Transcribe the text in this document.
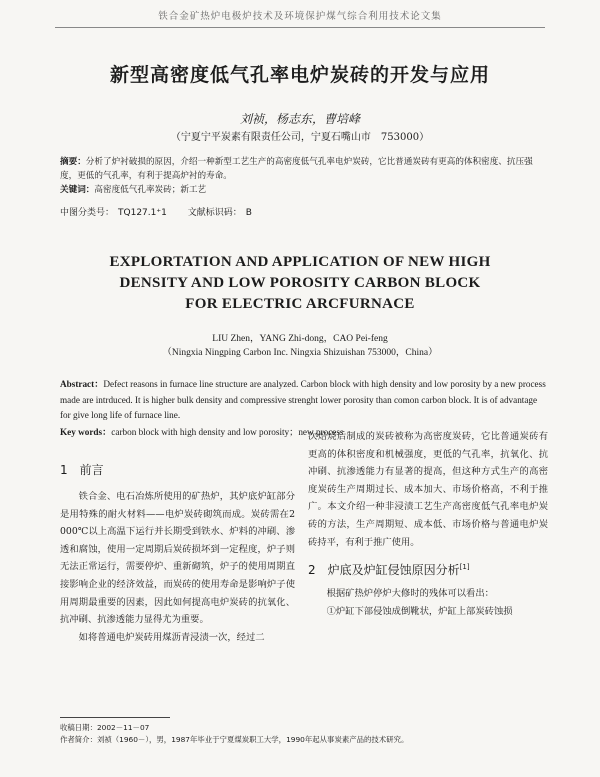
铁合金矿热炉电极炉技术及环境保护煤气综合利用技术论文集
新型高密度低气孔率电炉炭砖的开发与应用
刘祯，杨志东，曹培峰
（宁夏宁平炭素有限责任公司，宁夏石嘴山市　753000）
摘要：分析了炉衬破损的原因，介绍一种新型工艺生产的高密度低气孔率电炉炭砖，它比普通炭砖有更高的体积密度、抗压强度，更低的气孔率，有利于提高炉衬的寿命。
关键词：高密度低气孔率炭砖；新工艺
中图分类号： TQ127.1⁺1 文献标识码： B
EXPLORTATION AND APPLICATION OF NEW HIGH
DENSITY AND LOW POROSITY CARBON BLOCK
FOR ELECTRIC ARCFURNACE
LIU Zhen，YANG Zhi-dong，CAO Pei-feng
（Ningxia Ningping Carbon Inc. Ningxia Shizuishan 753000，China）
Abstract：Defect reasons in furnace line structure are analyzed. Carbon block with high density and low porosity by a new process made are intrduced. It is higher bulk density and compressive strenght lower porosity than comon carbon block. It is of advantage for give long life of furnace line.
Key words：carbon block with high density and low porosity；new process
1 前言

铁合金、电石冶炼所使用的矿热炉，其炉底炉缸部分是用特殊的耐火材料——电炉炭砖砌筑而成。炭砖需在2 000℃以上高温下运行并长期受到铁水、炉料的冲刷、渗透和腐蚀，使用一定周期后炭砖损坏到一定程度，炉子则无法正常运行，需要停炉、重新砌筑，炉子的使用周期直接影响企业的经济效益，而炭砖的使用寿命是影响炉子使用周期最重要的因素，因此如何提高电炉炭砖的抗氧化、抗冲刷、抗渗透能力显得尤为重要。

如将普通电炉炭砖用煤沥青浸渍一次，经过二

次焙烧后制成的炭砖被称为高密度炭砖，它比普通炭砖有更高的体积密度和机械强度，更低的气孔率，抗氧化、抗冲刷、抗渗透能力有显著的提高，但这种方式生产的高密度炭砖生产周期过长、成本加大、市场价格高，不利于推广。本文介绍一种非浸渍工艺生产高密度低气孔率电炉炭砖的方法，生产周期短、成本低、市场价格与普通电炉炭砖持平，有利于推广使用。

2 炉底及炉缸侵蚀原因分析[1]

根据矿热炉停炉大修时的残体可以看出：

①炉缸下部侵蚀成倒靴状，炉缸上部炭砖蚀损

收稿日期：2002－11－07
作者简介：刘祯（1960－），男，1987年毕业于宁夏煤炭职工大学，1990年起从事炭素产品的技术研究。
